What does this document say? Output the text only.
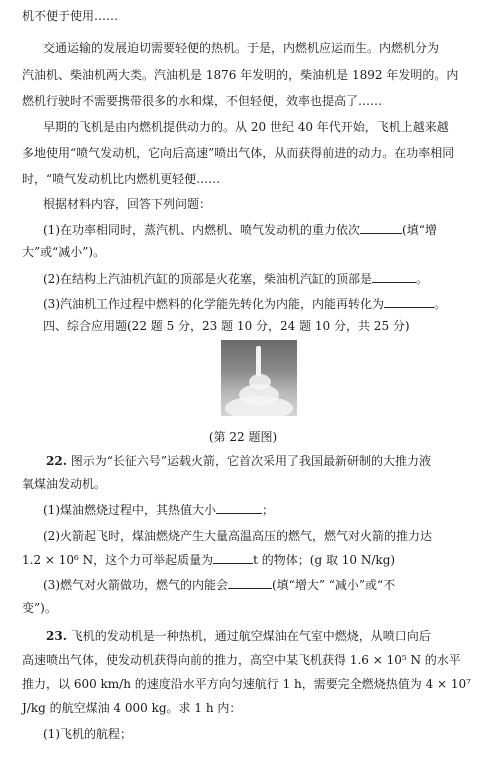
机不便于使用……
交通运输的发展迫切需要轻便的热机。于是，内燃机应运而生。内燃机分为
汽油机、柴油机两大类。汽油机是 1876 年发明的，柴油机是 1892 年发明的。内
燃机行驶时不需要携带很多的水和煤，不但轻便，效率也提高了……
早期的飞机是由内燃机提供动力的。从 20 世纪 40 年代开始，飞机上越来越
多地使用“喷气发动机，它向后高速”喷出气体，从而获得前进的动力。在功率相同
时，“喷气发动机比内燃机更轻便……
根据材料内容，回答下列问题：
(1)在功率相同时，蒸汽机、内燃机、喷气发动机的重力依次	(填“增
大”或“减小”)。
(2)在结构上汽油机汽缸的顶部是火花塞，柴油机汽缸的顶部是	。
(3)汽油机工作过程中燃料的化学能先转化为内能，内能再转化为	。
四、综合应用题(22 题 5 分，23 题 10 分，24 题 10 分，共 25 分)
(第 22 题图)
22. 图示为“长征六号”运载火箭，它首次采用了我国最新研制的大推力液
氧煤油发动机。
(1)煤油燃烧过程中，其热值大小	；
(2)火箭起飞时，煤油燃烧产生大量高温高压的燃气，燃气对火箭的推力达
1.2 × 10⁶ N，这个力可举起质量为	t 的物体；(g 取 10 N/kg)
(3)燃气对火箭做功，燃气的内能会	(填“增大” “减小”或“不
变”)。
23. 飞机的发动机是一种热机，通过航空煤油在气室中燃烧，从喷口向后
高速喷出气体，使发动机获得向前的推力，高空中某飞机获得 1.6 × 10⁵ N 的水平
推力，以 600 km/h 的速度沿水平方向匀速航行 1 h，需要完全燃烧热值为 4 × 10⁷
J/kg 的航空煤油 4 000 kg。求 1 h 内：
(1)飞机的航程；
